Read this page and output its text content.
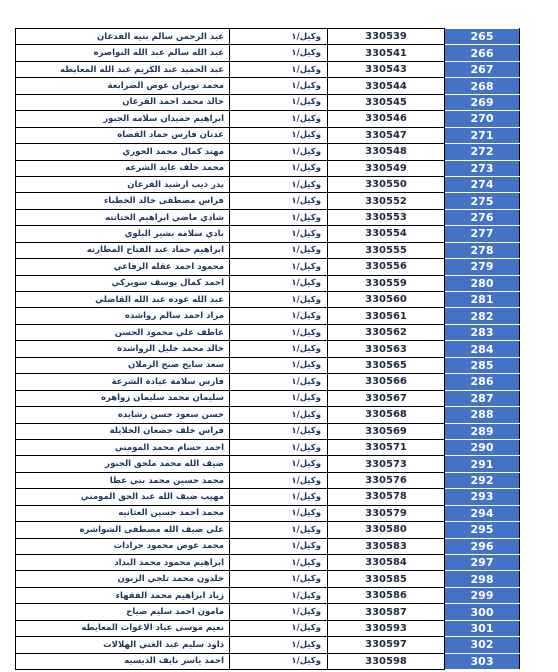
عبد الرحمن سالم بنيه الفدعان	وكيل/١	330539	265
عبد الله سالم عبد الله النواصره	وكيل/١	330541	266
عبد الحميد عبد الكريم عبد الله المعايطه	وكيل/١	330543	267
محمد نويران عوض الضرابعة	وكيل/١	330544	268
خالد محمد احمد القرعان	وكيل/١	330545	269
ابراهيم حميدان سلامه الجبور	وكيل/١	330546	270
عدنان فارس حماد القضاه	وكيل/١	330547	271
مهند كمال محمد الحوري	وكيل/١	330548	272
محمد خلف عايد الشرعه	وكيل/١	330549	273
بدر ذيب ارشيد القرعان	وكيل/١	330550	274
فراس مصطفى خالد الخطباء	وكيل/١	330552	275
شادي ماضي ابراهيم الختاتنه	وكيل/١	330553	276
بادي سلامه بشير البلوي	وكيل/١	330554	277
ابراهيم حماد عبد الفتاح المطارنه	وكيل/١	330555	278
محمود احمد عقله الرفاعي	وكيل/١	330556	279
احمد كمال يوسف سويركي	وكيل/١	330559	280
عبد الله عوده عبد الله القاضلي	وكيل/١	330560	281
مراد احمد سالم رواشده	وكيل/١	330561	282
عاطف علي محمود الحسن	وكيل/١	330562	283
خالد محمد خليل الرواشدة	وكيل/١	330563	284
سعد سايح صبح الرملان	وكيل/١	330565	285
فارس سلامة عيادة الشرعة	وكيل/١	330566	286
سليمان محمد سليمان زواهره	وكيل/١	330567	287
حسن سعود حسن رشايده	وكيل/١	330568	288
فراس خلف جضعان الخلايلة	وكيل/١	330569	289
احمد حسام محمد المومني	وكيل/١	330571	290
ضيف الله محمد ملحق الجبور	وكيل/١	330573	291
محمد حسين محمد بني عطا	وكيل/١	330576	292
مهيب ضيف الله عبد الحق المومني	وكيل/١	330578	293
محمد احمد حسين العثانيه	وكيل/١	330579	294
علي ضيف الله مصطفى الشواشره	وكيل/١	330580	295
محمد عوض محمود جرادات	وكيل/١	330583	296
ابراهيم محمود محمد البداد	وكيل/١	330584	297
خلدون محمد تلجي الزبون	وكيل/١	330585	298
زياد ابراهيم محمد الفقهاء	وكيل/١	330586	299
مامون احمد سليم صياح	وكيل/١	330587	300
نعيم موسى عياد الاغوات المعايطه	وكيل/١	330593	301
داود سليم عبد الغني الهلالات	وكيل/١	330597	302
احمد ياسر نايف الديسيه	وكيل/١	330598	303
